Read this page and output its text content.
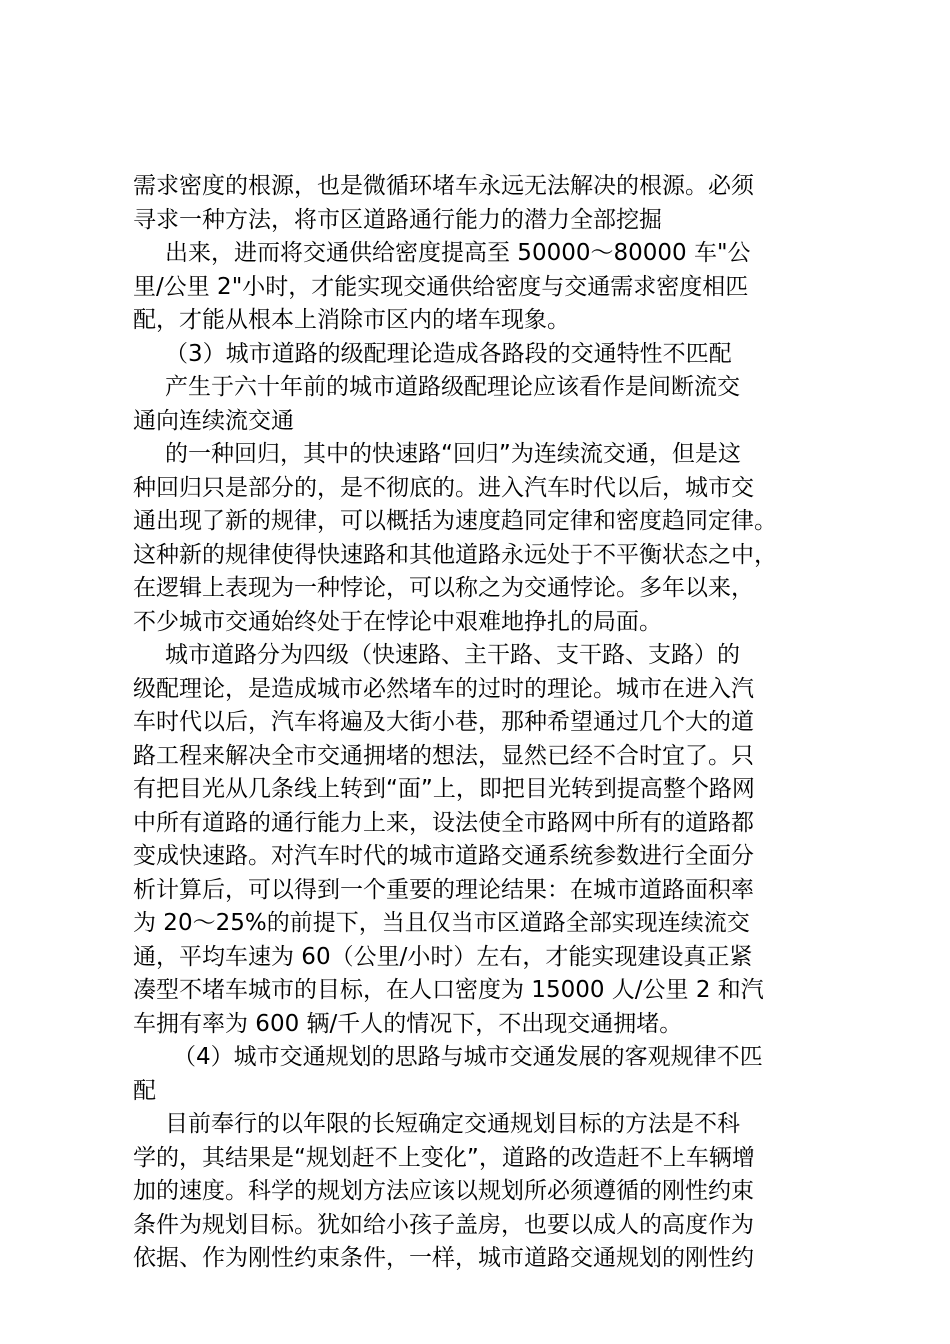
需求密度的根源，也是微循环堵车永远无法解决的根源。必须
寻求一种方法，将市区道路通行能力的潜力全部挖掘
出来，进而将交通供给密度提高至 50000～80000 车"公
里/公里 2"小时，才能实现交通供给密度与交通需求密度相匹
配，才能从根本上消除市区内的堵车现象。
（3）城市道路的级配理论造成各路段的交通特性不匹配
产生于六十年前的城市道路级配理论应该看作是间断流交
通向连续流交通
的一种回归，其中的快速路“回归”为连续流交通，但是这
种回归只是部分的，是不彻底的。进入汽车时代以后，城市交
通出现了新的规律，可以概括为速度趋同定律和密度趋同定律。
这种新的规律使得快速路和其他道路永远处于不平衡状态之中，
在逻辑上表现为一种悖论，可以称之为交通悖论。多年以来，
不少城市交通始终处于在悖论中艰难地挣扎的局面。
城市道路分为四级（快速路、主干路、支干路、支路）的
级配理论，是造成城市必然堵车的过时的理论。城市在进入汽
车时代以后，汽车将遍及大街小巷，那种希望通过几个大的道
路工程来解决全市交通拥堵的想法，显然已经不合时宜了。只
有把目光从几条线上转到“面”上，即把目光转到提高整个路网
中所有道路的通行能力上来，设法使全市路网中所有的道路都
变成快速路。对汽车时代的城市道路交通系统参数进行全面分
析计算后，可以得到一个重要的理论结果：在城市道路面积率
为 20～25%的前提下，当且仅当市区道路全部实现连续流交
通，平均车速为 60（公里/小时）左右，才能实现建设真正紧
凑型不堵车城市的目标，在人口密度为 15000 人/公里 2 和汽
车拥有率为 600 辆/千人的情况下，不出现交通拥堵。
（4）城市交通规划的思路与城市交通发展的客观规律不匹
配
目前奉行的以年限的长短确定交通规划目标的方法是不科
学的，其结果是“规划赶不上变化”，道路的改造赶不上车辆增
加的速度。科学的规划方法应该以规划所必须遵循的刚性约束
条件为规划目标。犹如给小孩子盖房，也要以成人的高度作为
依据、作为刚性约束条件，一样，城市道路交通规划的刚性约
